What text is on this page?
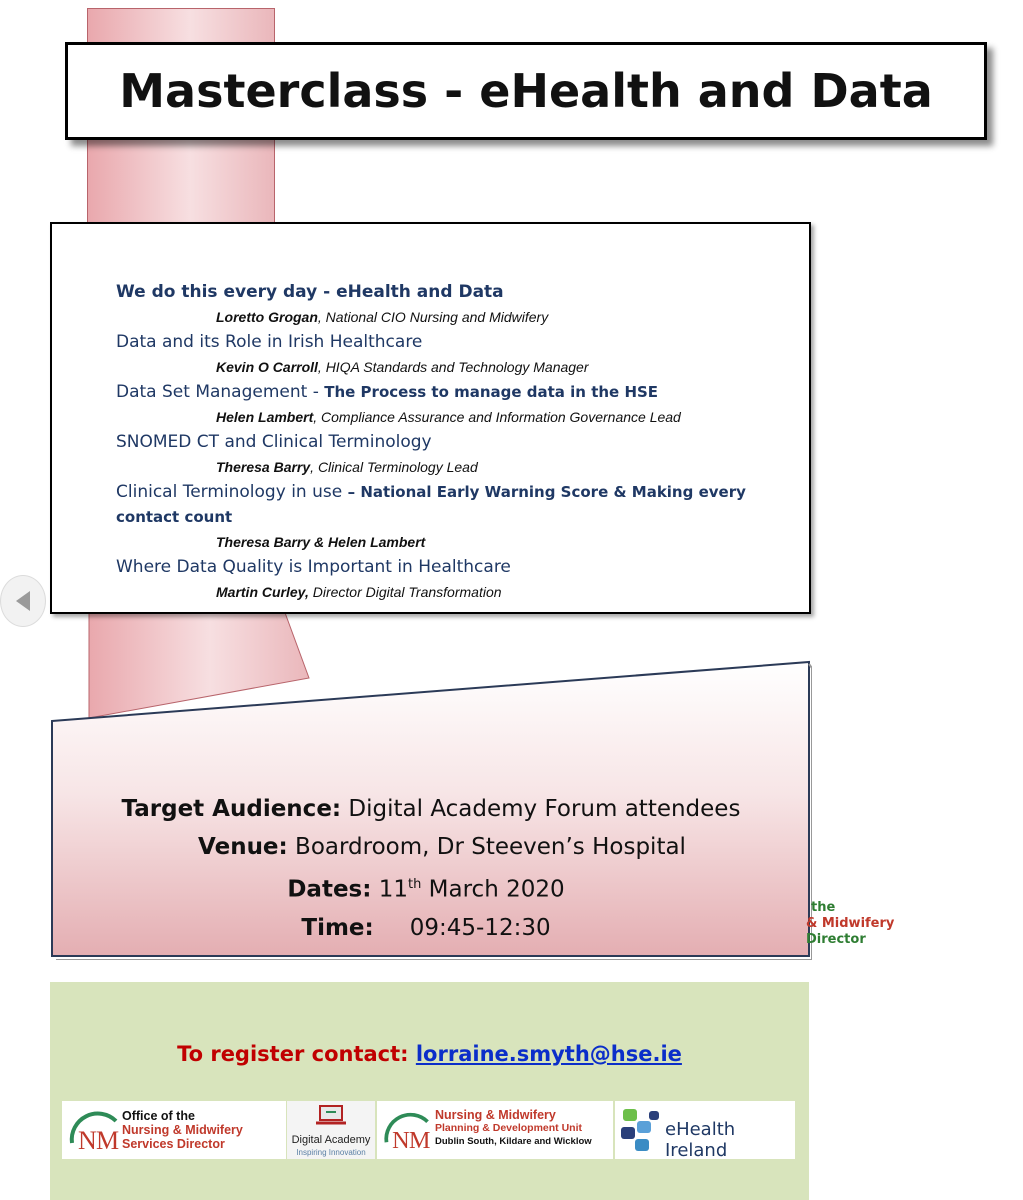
Masterclass - eHealth and Data
We do this every day - eHealth and Data
Loretto Grogan, National CIO Nursing and Midwifery
Data and its Role in Irish Healthcare
Kevin O Carroll, HIQA Standards and Technology Manager
Data Set Management - The Process to manage data in the HSE
Helen Lambert, Compliance Assurance and Information Governance Lead
SNOMED CT and Clinical Terminology
Theresa Barry, Clinical Terminology Lead
Clinical Terminology in use – National Early Warning Score & Making every contact count
Theresa Barry & Helen Lambert
Where Data Quality is Important in Healthcare
Martin Curley, Director Digital Transformation
Target Audience: Digital Academy Forum attendees
Venue: Boardroom, Dr Steeven’s Hospital
Dates: 11th March 2020
Time: 09:45-12:30
the
& Midwifery
Director
To register contact: lorraine.smyth@hse.ie
N M
Office of the
Nursing & Midwifery
Services Director	Digital Academy
Inspiring Innovation	N M
Nursing & Midwifery
Planning & Development Unit
Dublin South, Kildare and Wicklow
eHealth Ireland
